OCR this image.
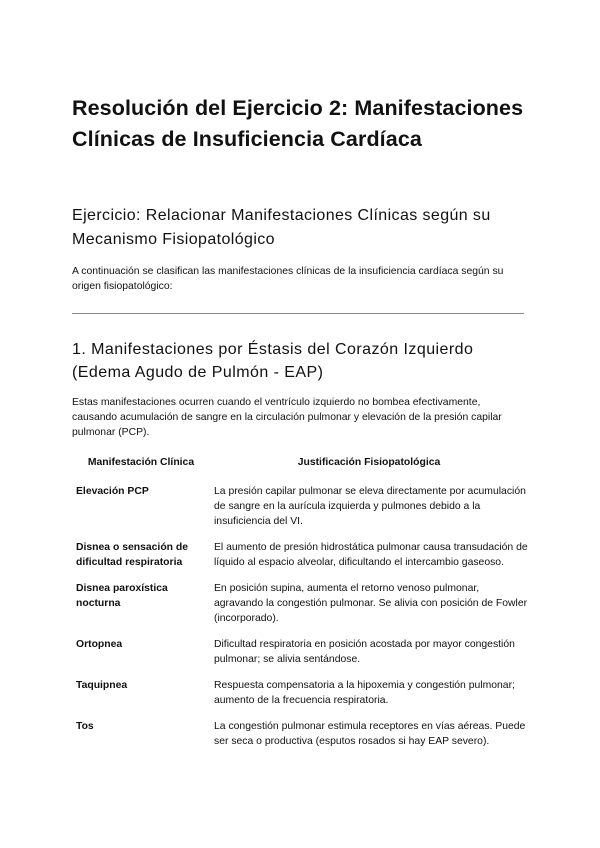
Resolución del Ejercicio 2: Manifestaciones Clínicas de Insuficiencia Cardíaca
Ejercicio: Relacionar Manifestaciones Clínicas según su Mecanismo Fisiopatológico

A continuación se clasifican las manifestaciones clínicas de la insuficiencia cardíaca según su origen fisiopatológico:

1. Manifestaciones por Éstasis del Corazón Izquierdo (Edema Agudo de Pulmón - EAP)

Estas manifestaciones ocurren cuando el ventrículo izquierdo no bombea efectivamente, causando acumulación de sangre en la circulación pulmonar y elevación de la presión capilar pulmonar (PCP).

Manifestación Clínica	Justificación Fisiopatológica
Elevación PCP	La presión capilar pulmonar se eleva directamente por acumulación de sangre en la aurícula izquierda y pulmones debido a la insuficiencia del VI.
Disnea o sensación de dificultad respiratoria	El aumento de presión hidrostática pulmonar causa transudación de líquido al espacio alveolar, dificultando el intercambio gaseoso.
Disnea paroxística nocturna	En posición supina, aumenta el retorno venoso pulmonar, agravando la congestión pulmonar. Se alivia con posición de Fowler (incorporado).
Ortopnea	Dificultad respiratoria en posición acostada por mayor congestión pulmonar; se alivia sentándose.
Taquipnea	Respuesta compensatoria a la hipoxemia y congestión pulmonar; aumento de la frecuencia respiratoria.
Tos	La congestión pulmonar estimula receptores en vías aéreas. Puede ser seca o productiva (esputos rosados si hay EAP severo).
